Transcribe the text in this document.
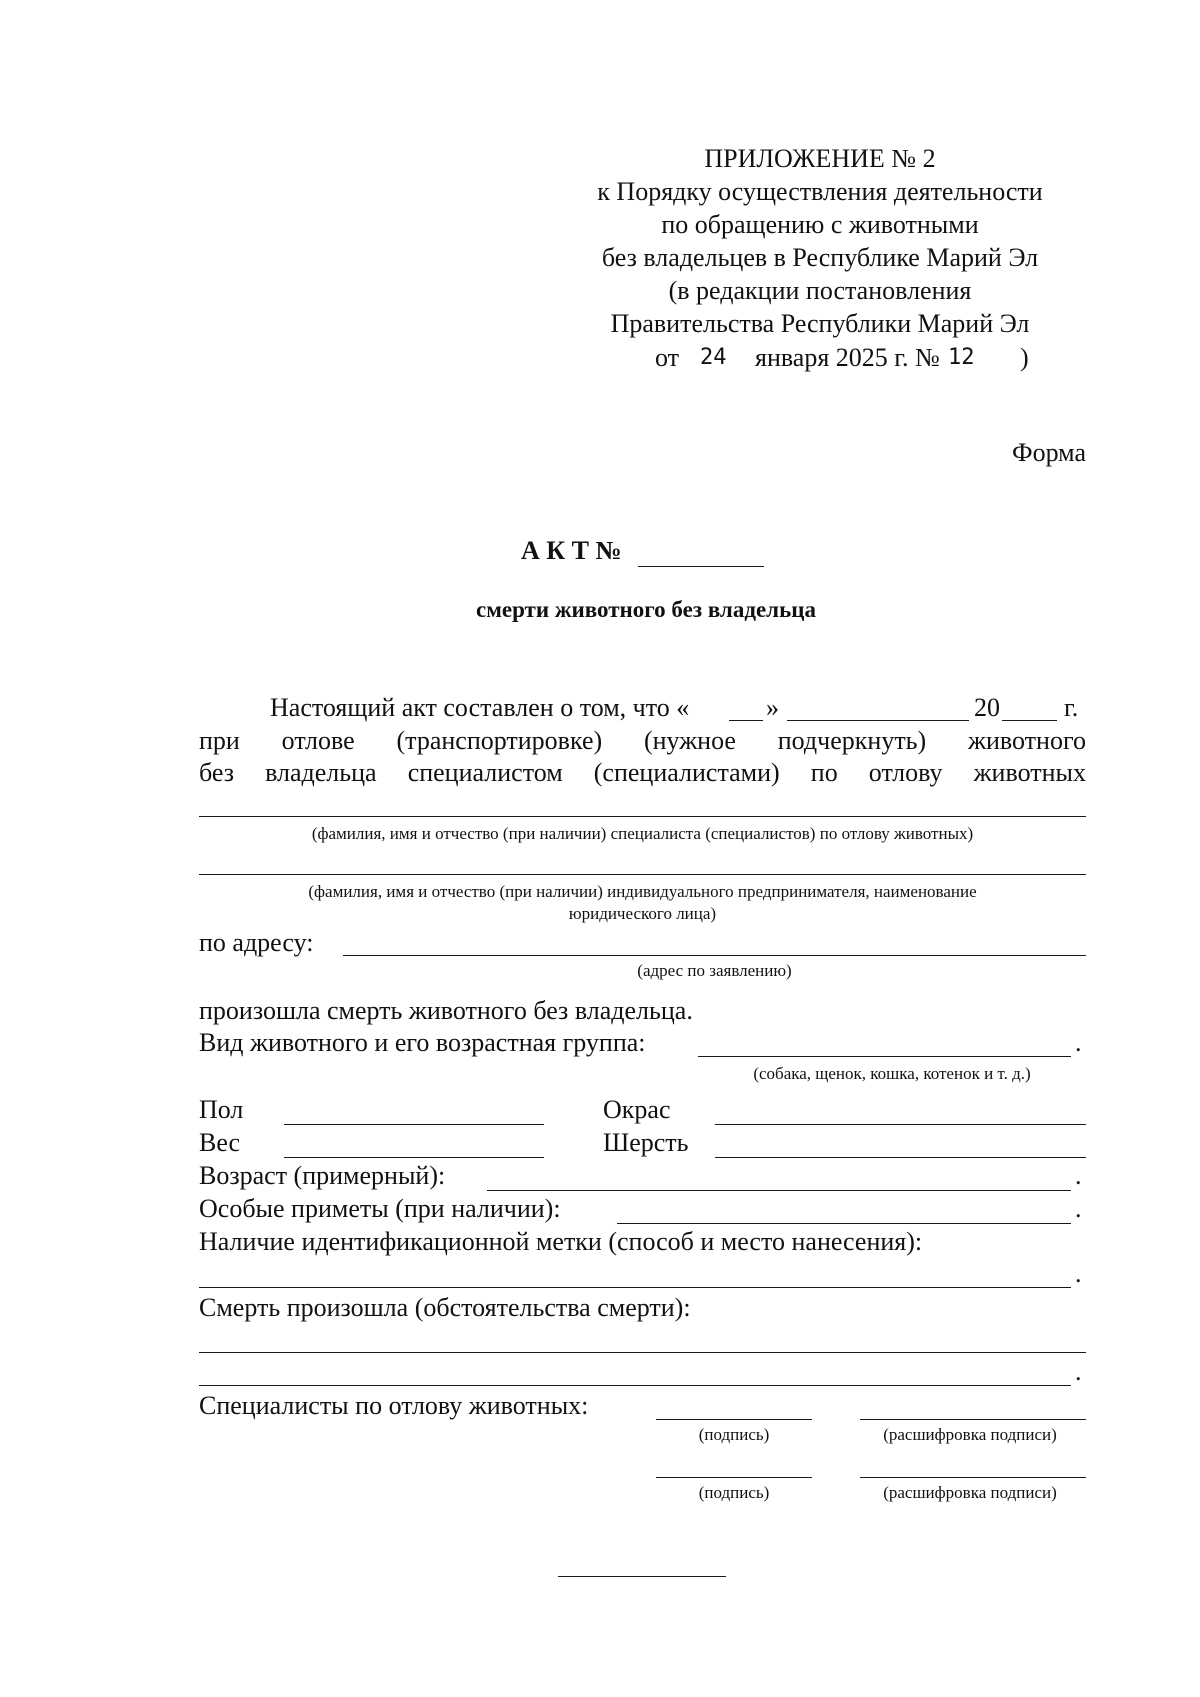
ПРИЛОЖЕНИЕ № 2
к Порядку осуществления деятельности
по обращению с животными
без владельцев в Республике Марий Эл
(в редакции постановления
Правительства Республики Марий Эл
от 24 января 2025 г. № 12 )
Форма
А К Т №
смерти животного без владельца
Настоящий акт составлен о том, что «	»	20 г.
при отлове (транспортировке) (нужное подчеркнуть) животного
без владельца специалистом (специалистами) по отлову животных
(фамилия, имя и отчество (при наличии) специалиста (специалистов) по отлову животных)
(фамилия, имя и отчество (при наличии) индивидуального предпринимателя, наименование
юридического лица)
по адресу:
(адрес по заявлению)
произошла смерть животного без владельца.
Вид животного и его возрастная группа:	.
(собака, щенок, кошка, котенок и т. д.)
Пол	Окрас
Вес	Шерсть
Возраст (примерный):	.
Особые приметы (при наличии):	.
Наличие идентификационной метки (способ и место нанесения):
.
Смерть произошла (обстоятельства смерти):
.
Специалисты по отлову животных:
(подпись)	(расшифровка подписи)
(подпись)	(расшифровка подписи)
